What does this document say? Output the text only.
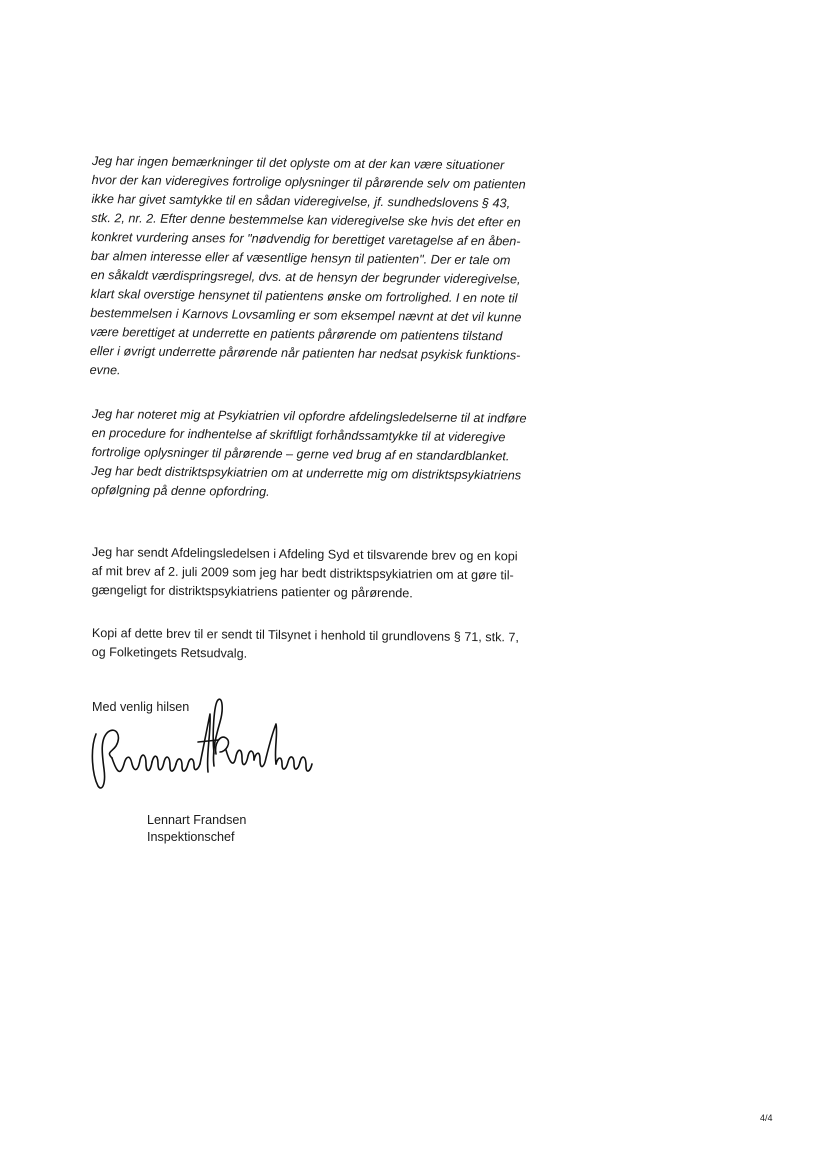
Jeg har ingen bemærkninger til det oplyste om at der kan være situationer
hvor der kan videregives fortrolige oplysninger til pårørende selv om patienten
ikke har givet samtykke til en sådan videregivelse, jf. sundhedslovens § 43,
stk. 2, nr. 2. Efter denne bestemmelse kan videregivelse ske hvis det efter en
konkret vurdering anses for "nødvendig for berettiget varetagelse af en åben-
bar almen interesse eller af væsentlige hensyn til patienten". Der er tale om
en såkaldt værdispringsregel, dvs. at de hensyn der begrunder videregivelse,
klart skal overstige hensynet til patientens ønske om fortrolighed. I en note til
bestemmelsen i Karnovs Lovsamling er som eksempel nævnt at det vil kunne
være berettiget at underrette en patients pårørende om patientens tilstand
eller i øvrigt underrette pårørende når patienten har nedsat psykisk funktions-
evne.
Jeg har noteret mig at Psykiatrien vil opfordre afdelingsledelserne til at indføre
en procedure for indhentelse af skriftligt forhåndssamtykke til at videregive
fortrolige oplysninger til pårørende – gerne ved brug af en standardblanket.
Jeg har bedt distriktspsykiatrien om at underrette mig om distriktspsykiatriens
opfølgning på denne opfordring.
Jeg har sendt Afdelingsledelsen i Afdeling Syd et tilsvarende brev og en kopi
af mit brev af 2. juli 2009 som jeg har bedt distriktspsykiatrien om at gøre til-
gængeligt for distriktspsykiatriens patienter og pårørende.
Kopi af dette brev til er sendt til Tilsynet i henhold til grundlovens § 71, stk. 7,
og Folketingets Retsudvalg.
Med venlig hilsen
Lennart Frandsen
Inspektionschef
4/4
